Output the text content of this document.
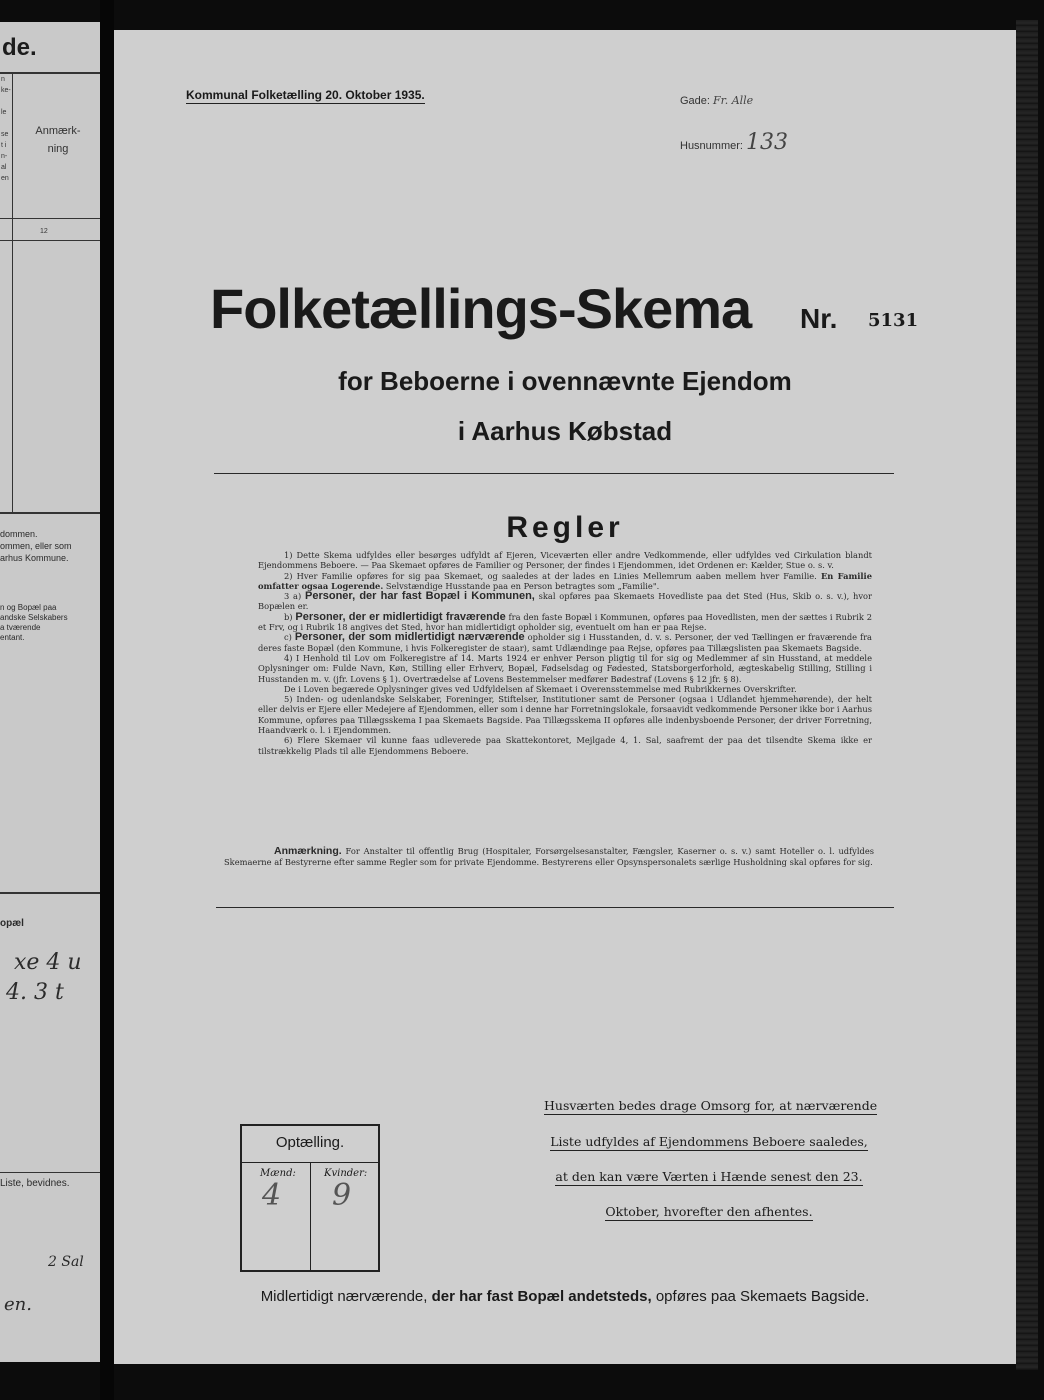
de.
n
ke-

le

se
t i
n-
al
en
Anmærk-
ning
12
dommen.
ommen, eller som
arhus Kommune.
n og Bopæl paa
andske Selskabers
a tværende
entant.
opæl
Liste, bevidnes.
xe 4 u
4. 3 t
2 Sal
en.
Kommunal Folketælling 20. Oktober 1935.	Gade: Fr. Alle
Husnummer: 133
Folketællings-Skema Nr. 5131
for Beboerne i ovennævnte Ejendom
i Aarhus Købstad
Regler

1) Dette Skema udfyldes eller besørges udfyldt af Ejeren, Viceværten eller andre Vedkommende, eller udfyldes ved Cirkulation blandt Ejendommens Beboere. — Paa Skemaet opføres de Familier og Personer, der findes i Ejendommen, idet Ordenen er: Kælder, Stue o. s. v.

2) Hver Familie opføres for sig paa Skemaet, og saaledes at der lades en Linies Mellemrum aaben mellem hver Familie. En Familie omfatter ogsaa Logerende. Selvstændige Husstande paa en Person betragtes som „Familie".

3 a) Personer, der har fast Bopæl i Kommunen, skal opføres paa Skemaets Hovedliste paa det Sted (Hus, Skib o. s. v.), hvor Bopælen er.

b) Personer, der er midlertidigt fraværende fra den faste Bopæl i Kommunen, opføres paa Hovedlisten, men der sættes i Rubrik 2 et Frv, og i Rubrik 18 angives det Sted, hvor han midlertidigt opholder sig, eventuelt om han er paa Rejse.

c) Personer, der som midlertidigt nærværende opholder sig i Husstanden, d. v. s. Personer, der ved Tællingen er fraværende fra deres faste Bopæl (den Kommune, i hvis Folkeregister de staar), samt Udlændinge paa Rejse, opføres paa Tillægslisten paa Skemaets Bagside.

4) I Henhold til Lov om Folkeregistre af 14. Marts 1924 er enhver Person pligtig til for sig og Medlemmer af sin Husstand, at meddele Oplysninger om: Fulde Navn, Køn, Stilling eller Erhverv, Bopæl, Fødselsdag og Fødested, Statsborgerforhold, ægteskabelig Stilling, Stilling i Husstanden m. v. (jfr. Lovens § 1). Overtrædelse af Lovens Bestemmelser medfører Bødestraf (Lovens § 12 jfr. § 8).

De i Loven begærede Oplysninger gives ved Udfyldelsen af Skemaet i Overensstemmelse med Rubrikkernes Overskrifter.

5) Inden- og udenlandske Selskaber, Foreninger, Stiftelser, Institutioner samt de Personer (ogsaa i Udlandet hjemmehørende), der helt eller delvis er Ejere eller Medejere af Ejendommen, eller som i denne har Forretningslokale, forsaavidt vedkommende Personer ikke bor i Aarhus Kommune, opføres paa Tillægsskema I paa Skemaets Bagside. Paa Tillægsskema II opføres alle indenbysboende Personer, der driver Forretning, Haandværk o. l. i Ejendommen.

6) Flere Skemaer vil kunne faas udleverede paa Skattekontoret, Mejlgade 4, 1. Sal, saafremt der paa det tilsendte Skema ikke er tilstrækkelig Plads til alle Ejendommens Beboere.

Anmærkning. For Anstalter til offentlig Brug (Hospitaler, Forsørgelsesanstalter, Fængsler, Kaserner o. s. v.) samt Hoteller o. l. udfyldes Skemaerne af Bestyrerne efter samme Regler som for private Ejendomme. Bestyrerens eller Opsynspersonalets særlige Husholdning skal opføres for sig.
Optælling.
Mænd:	Kvinder:
4 9
Husværten bedes drage Omsorg for, at nærværende
Liste udfyldes af Ejendommens Beboere saaledes,
at den kan være Værten i Hænde senest den 23.
Oktober, hvorefter den afhentes.
Midlertidigt nærværende, der har fast Bopæl andetsteds, opføres paa Skemaets Bagside.
